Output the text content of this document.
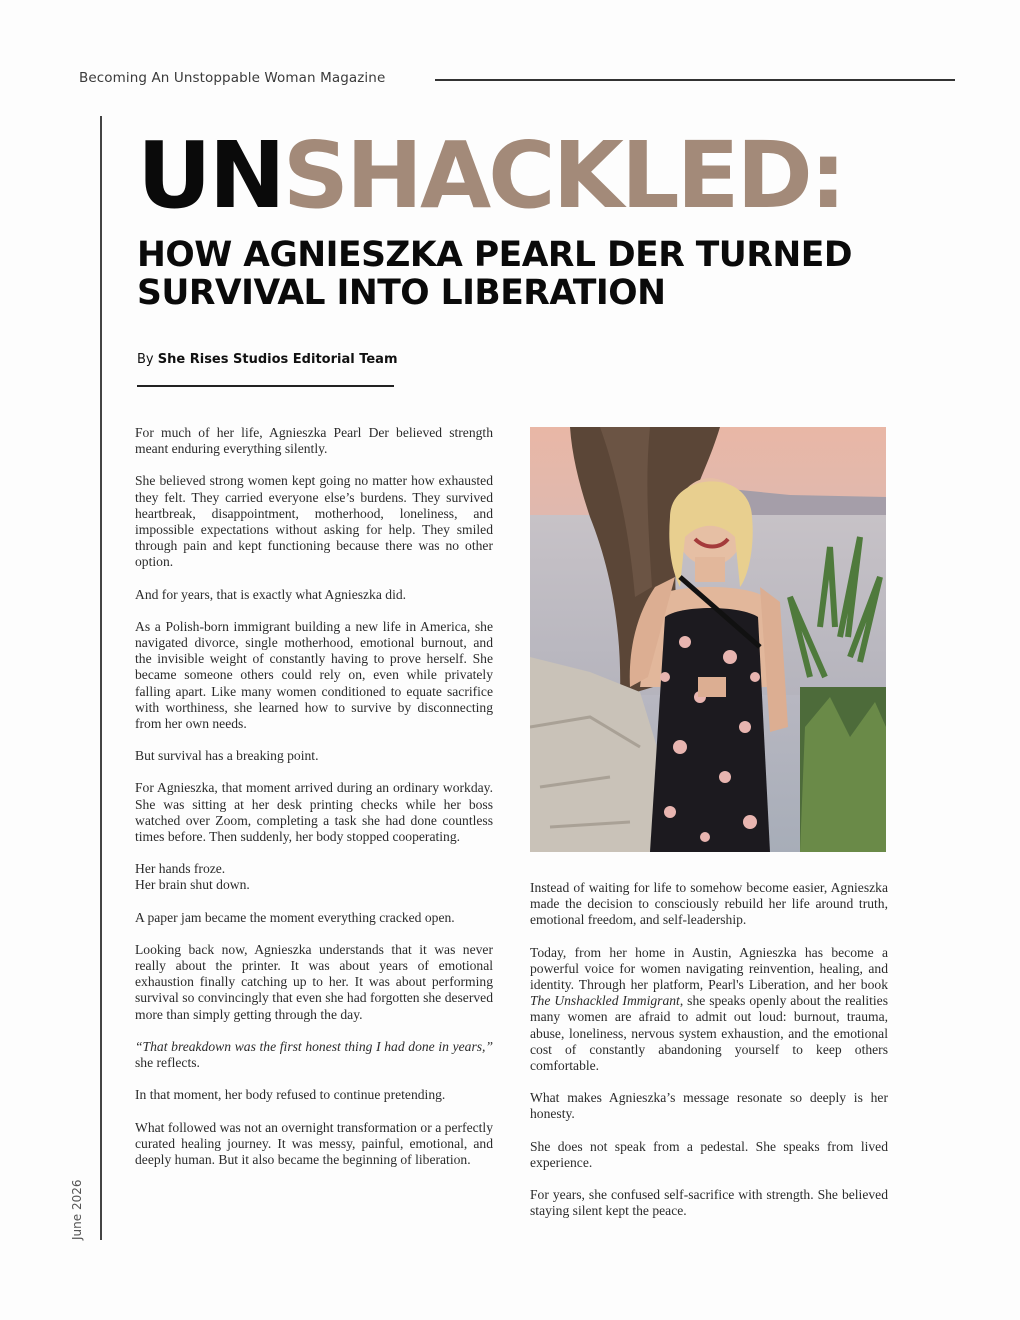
Becoming An Unstoppable Woman Magazine
June 2026
UNSHACKLED:
HOW AGNIESZKA PEARL DER TURNED
SURVIVAL INTO LIBERATION
By She Rises Studios Editorial Team

For much of her life, Agnieszka Pearl Der believed strength meant enduring everything silently.

She believed strong women kept going no matter how exhausted they felt. They carried everyone else’s burdens. They survived heartbreak, disappointment, motherhood, loneliness, and impossible expectations without asking for help. They smiled through pain and kept functioning because there was no other option.

And for years, that is exactly what Agnieszka did.

As a Polish-born immigrant building a new life in America, she navigated divorce, single motherhood, emotional burnout, and the invisible weight of constantly having to prove herself. She became someone others could rely on, even while privately falling apart. Like many women conditioned to equate sacrifice with worthiness, she learned how to survive by disconnecting from her own needs.

But survival has a breaking point.

For Agnieszka, that moment arrived during an ordinary workday. She was sitting at her desk printing checks while her boss watched over Zoom, completing a task she had done countless times before. Then suddenly, her body stopped cooperating.

Her hands froze.
Her brain shut down.

A paper jam became the moment everything cracked open.

Looking back now, Agnieszka understands that it was never really about the printer. It was about years of emotional exhaustion finally catching up to her. It was about performing survival so convincingly that even she had forgotten she deserved more than simply getting through the day.

“That breakdown was the first honest thing I had done in years,” she reflects.

In that moment, her body refused to continue pretending.

What followed was not an overnight transformation or a perfectly curated healing journey. It was messy, painful, emotional, and deeply human. But it also became the beginning of liberation.

Instead of waiting for life to somehow become easier, Agnieszka made the decision to consciously rebuild her life around truth, emotional freedom, and self-leadership.

Today, from her home in Austin, Agnieszka has become a powerful voice for women navigating reinvention, healing, and identity. Through her platform, Pearl's Liberation, and her book The Unshackled Immigrant, she speaks openly about the realities many women are afraid to admit out loud: burnout, trauma, abuse, loneliness, nervous system exhaustion, and the emotional cost of constantly abandoning yourself to keep others comfortable.

What makes Agnieszka’s message resonate so deeply is her honesty.

She does not speak from a pedestal. She speaks from lived experience.

For years, she confused self-sacrifice with strength. She believed staying silent kept the peace.
